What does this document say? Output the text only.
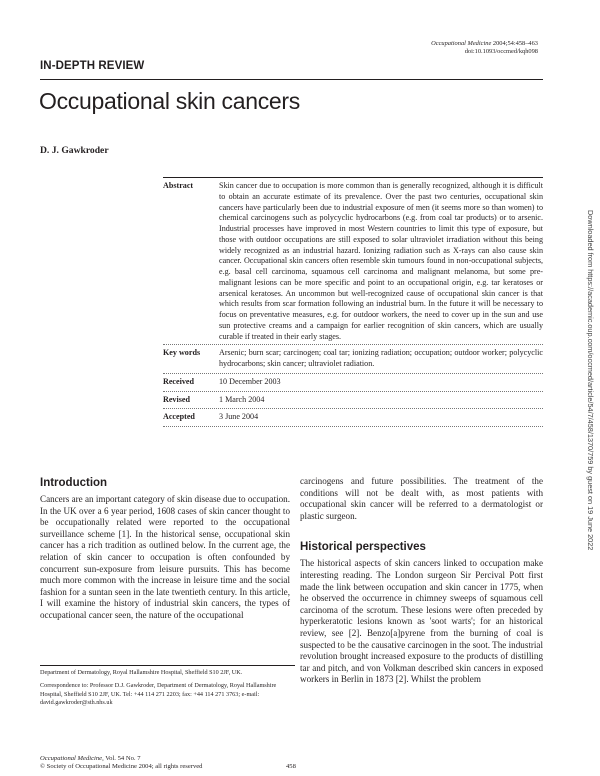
Occupational Medicine 2004;54:458–463
doi:10.1093/occmed/kqh098
IN-DEPTH REVIEW
Occupational skin cancers
D. J. Gawkroder
Abstract	Skin cancer due to occupation is more common than is generally recognized, although it is difficult to obtain an accurate estimate of its prevalence. Over the past two centuries, occupational skin cancers have particularly been due to industrial exposure of men (it seems more so than women) to chemical carcinogens such as polycyclic hydrocarbons (e.g. from coal tar products) or to arsenic. Industrial processes have improved in most Western countries to limit this type of exposure, but those with outdoor occupations are still exposed to solar ultraviolet irradiation without this being widely recognized as an industrial hazard. Ionizing radiation such as X-rays can also cause skin cancer. Occupational skin cancers often resemble skin tumours found in non-occupational subjects, e.g. basal cell carcinoma, squamous cell carcinoma and malignant melanoma, but some pre-malignant lesions can be more specific and point to an occupational origin, e.g. tar keratoses or arsenical keratoses. An uncommon but well-recognized cause of occupational skin cancer is that which results from scar formation following an industrial burn. In the future it will be necessary to focus on preventative measures, e.g. for outdoor workers, the need to cover up in the sun and use sun protective creams and a campaign for earlier recognition of skin cancers, which are usually curable if treated in their early stages.
Key words	Arsenic; burn scar; carcinogen; coal tar; ionizing radiation; occupation; outdoor worker; polycyclic hydrocarbons; skin cancer; ultraviolet radiation.
Received	10 December 2003
Revised	1 March 2004
Accepted	3 June 2004	Downloaded from https://academic.oup.com/occmed/article/54/7/458/1370/759 by guest on 19 June 2022
Introduction

Cancers are an important category of skin disease due to occupation. In the UK over a 6 year period, 1608 cases of skin cancer thought to be occupationally related were reported to the occupational surveillance scheme [1]. In the historical sense, occupational skin cancer has a rich tradition as outlined below. In the current age, the relation of skin cancer to occupation is often confounded by concurrent sun-exposure from leisure pursuits. This has become much more common with the increase in leisure time and the social fashion for a suntan seen in the late twentieth century. In this article, I will examine the history of industrial skin cancers, the types of occupational cancer seen, the nature of the occupational

carcinogens and future possibilities. The treatment of the conditions will not be dealt with, as most patients with occupational skin cancer will be referred to a dermatologist or plastic surgeon.

Historical perspectives

The historical aspects of skin cancers linked to occupation make interesting reading. The London surgeon Sir Percival Pott first made the link between occupation and skin cancer in 1775, when he observed the occurrence in chimney sweeps of squamous cell carcinoma of the scrotum. These lesions were often preceded by hyperkeratotic lesions known as 'soot warts'; for an historical review, see [2]. Benzo[a]pyrene from the burning of coal is suspected to be the causative carcinogen in the soot. The industrial revolution brought increased exposure to the products of distilling tar and pitch, and von Volkman described skin cancers in exposed workers in Berlin in 1873 [2]. Whilst the problem

Department of Dermatology, Royal Hallamshire Hospital, Sheffield S10 2JF, UK.

Correspondence to: Professor D.J. Gawkroder, Department of Dermatology, Royal Hallamshire Hospital, Sheffield S10 2JF, UK. Tel: +44 114 271 2203; fax: +44 114 271 3763; e-mail: david.gawkroder@sth.nhs.uk

Occupational Medicine, Vol. 54 No. 7
© Society of Occupational Medicine 2004; all rights reserved	458
